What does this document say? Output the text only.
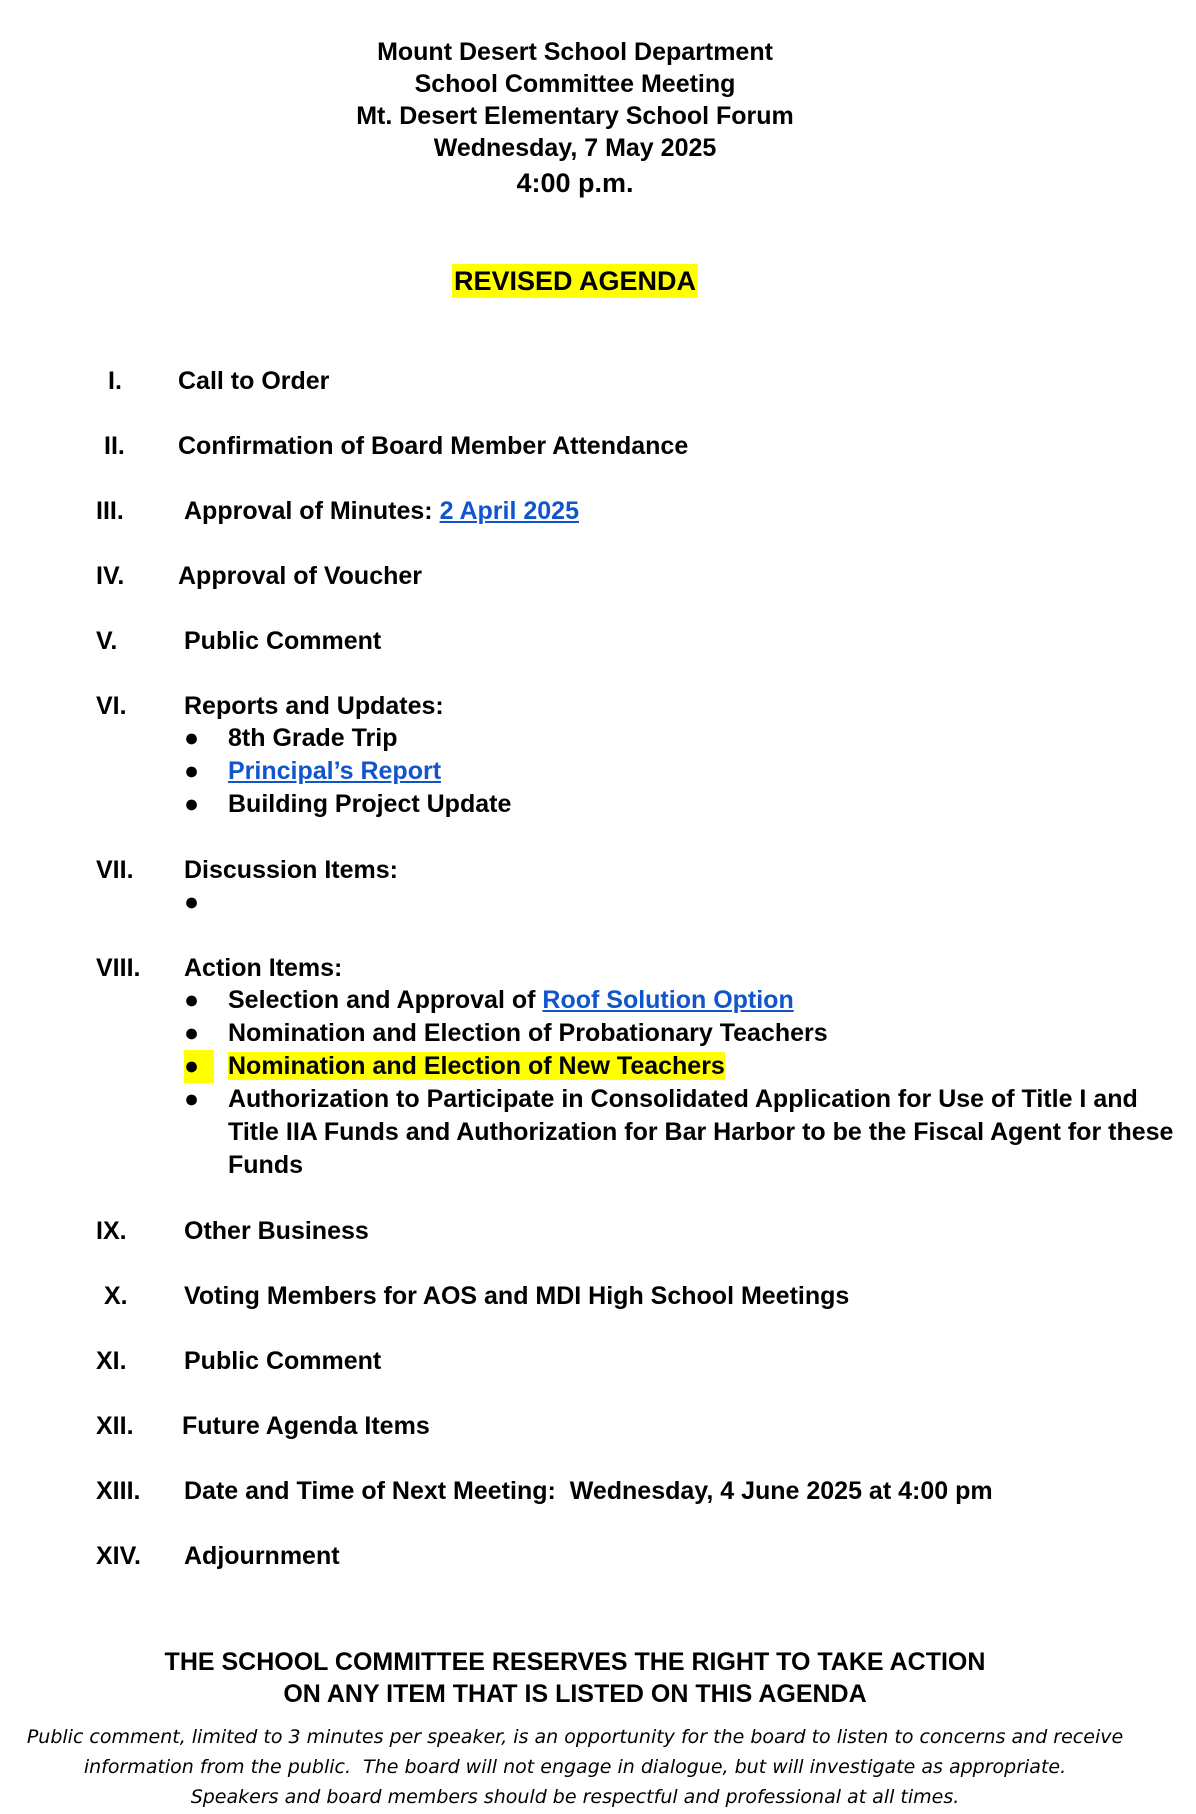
Mount Desert School Department
School Committee Meeting
Mt. Desert Elementary School Forum
Wednesday, 7 May 2025
4:00 p.m.
REVISED AGENDA
I.	Call to Order
II.	Confirmation of Board Member Attendance
III.	Approval of Minutes: 2 April 2025
IV.	Approval of Voucher
V.	Public Comment
VI.	Reports and Updates:
●	8th Grade Trip
●	Principal’s Report
●	Building Project Update
VII.	Discussion Items:
●

VIII.	Action Items:
●	Selection and Approval of Roof Solution Option
●	Nomination and Election of Probationary Teachers
●	Nomination and Election of New Teachers
●	Authorization to Participate in Consolidated Application for Use of Title I and Title IIA Funds and Authorization for Bar Harbor to be the Fiscal Agent for these Funds
IX.	Other Business
X.	Voting Members for AOS and MDI High School Meetings
XI.	Public Comment
XII.	Future Agenda Items
XIII.	Date and Time of Next Meeting:  Wednesday, 4 June 2025 at 4:00 pm
XIV.	Adjournment
THE SCHOOL COMMITTEE RESERVES THE RIGHT TO TAKE ACTION
ON ANY ITEM THAT IS LISTED ON THIS AGENDA
Public comment, limited to 3 minutes per speaker, is an opportunity for the board to listen to concerns and receive
information from the public.  The board will not engage in dialogue, but will investigate as appropriate.
Speakers and board members should be respectful and professional at all times.
